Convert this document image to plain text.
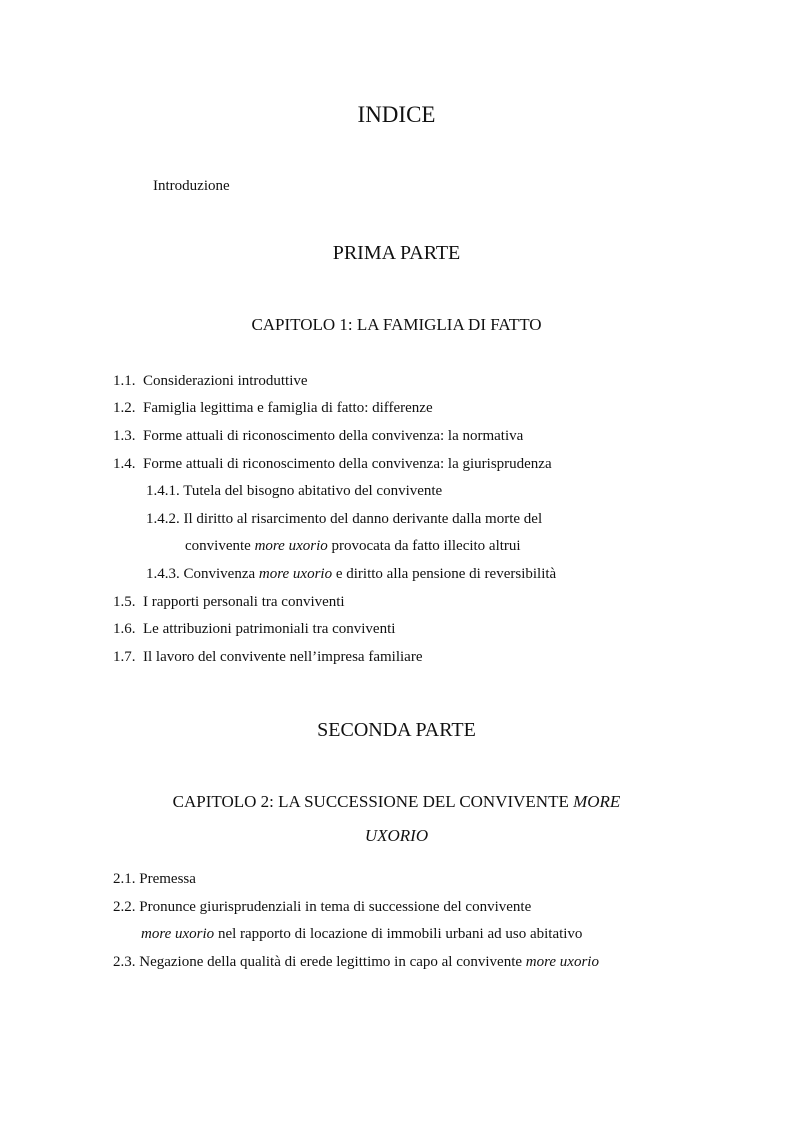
INDICE
Introduzione
PRIMA PARTE
CAPITOLO 1: LA FAMIGLIA DI FATTO
1.1. Considerazioni introduttive
1.2. Famiglia legittima e famiglia di fatto: differenze
1.3. Forme attuali di riconoscimento della convivenza: la normativa
1.4. Forme attuali di riconoscimento della convivenza: la giurisprudenza
1.4.1. Tutela del bisogno abitativo del convivente
1.4.2. Il diritto al risarcimento del danno derivante dalla morte del
convivente more uxorio provocata da fatto illecito altrui
1.4.3. Convivenza more uxorio e diritto alla pensione di reversibilità
1.5. I rapporti personali tra conviventi
1.6. Le attribuzioni patrimoniali tra conviventi
1.7. Il lavoro del convivente nell’impresa familiare
SECONDA PARTE
CAPITOLO 2: LA SUCCESSIONE DEL CONVIVENTE MORE
UXORIO
2.1. Premessa
2.2. Pronunce giurisprudenziali in tema di successione del convivente
more uxorio nel rapporto di locazione di immobili urbani ad uso abitativo
2.3. Negazione della qualità di erede legittimo in capo al convivente more uxorio
